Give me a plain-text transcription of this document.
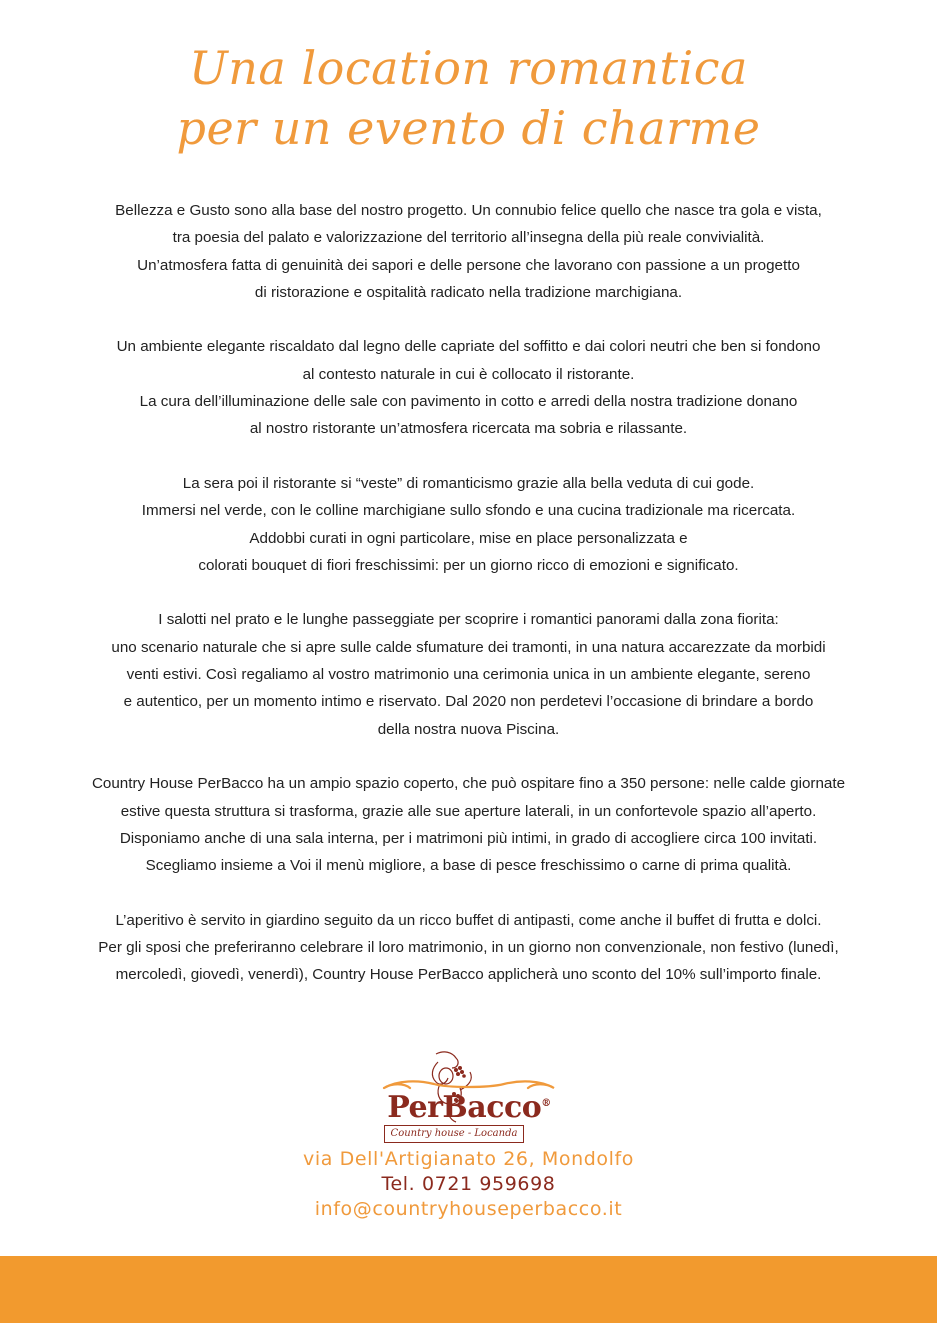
Una location romantica
per un evento di charme
Bellezza e Gusto sono alla base del nostro progetto. Un connubio felice quello che nasce tra gola e vista,
tra poesia del palato e valorizzazione del territorio all’insegna della più reale convivialità.
Un’atmosfera fatta di genuinità dei sapori e delle persone che lavorano con passione a un progetto
di ristorazione e ospitalità radicato nella tradizione marchigiana.
Un ambiente elegante riscaldato dal legno delle capriate del soffitto e dai colori neutri che ben si fondono
al contesto naturale in cui è collocato il ristorante.
La cura dell’illuminazione delle sale con pavimento in cotto e arredi della nostra tradizione donano
al nostro ristorante un’atmosfera ricercata ma sobria e rilassante.
La sera poi il ristorante si “veste” di romanticismo grazie alla bella veduta di cui gode.
Immersi nel verde, con le colline marchigiane sullo sfondo e una cucina tradizionale ma ricercata.
Addobbi curati in ogni particolare, mise en place personalizzata e
colorati bouquet di fiori freschissimi: per un giorno ricco di emozioni e significato.
I salotti nel prato e le lunghe passeggiate per scoprire i romantici panorami dalla zona fiorita:
uno scenario naturale che si apre sulle calde sfumature dei tramonti, in una natura accarezzate da morbidi
venti estivi. Così regaliamo al vostro matrimonio una cerimonia unica in un ambiente elegante, sereno
e autentico, per un momento intimo e riservato. Dal 2020 non perdetevi l’occasione di brindare a bordo
della nostra nuova Piscina.
Country House PerBacco ha un ampio spazio coperto, che può ospitare fino a 350 persone: nelle calde giornate
estive questa struttura si trasforma, grazie alle sue aperture laterali, in un confortevole spazio all’aperto.
Disponiamo anche di una sala interna, per i matrimoni più intimi, in grado di accogliere circa 100 invitati.
Scegliamo insieme a Voi il menù migliore, a base di pesce freschissimo o carne di prima qualità.
L’aperitivo è servito in giardino seguito da un ricco buffet di antipasti, come anche il buffet di frutta e dolci.
Per gli sposi che preferiranno celebrare il loro matrimonio, in un giorno non convenzionale, non festivo (lunedì,
mercoledì, giovedì, venerdì), Country House PerBacco applicherà uno sconto del 10% sull’importo finale.
PerBacco®
Country house - Locanda
via Dell'Artigianato 26, Mondolfo
Tel. 0721 959698
info@countryhouseperbacco.it
